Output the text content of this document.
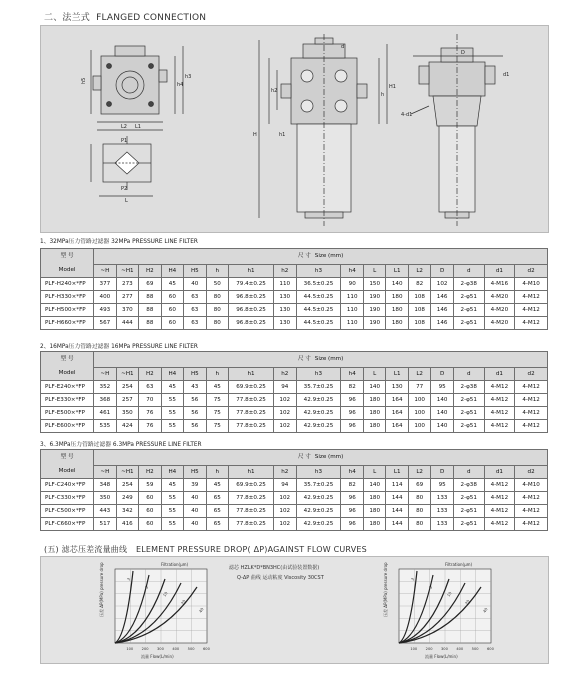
二、法兰式 FLANGED CONNECTION
h5
h4
h3
h2
h1
H
L2 L1
L
D
h
H1
d1
4-d1
d
P1
P2
1、32MPa压力管路过滤器 32MPa PRESSURE LINE FILTER
2、16MPa压力管路过滤器 16MPa PRESSURE LINE FILTER
3、6.3MPa压力管路过滤器 6.3MPa PRESSURE LINE FILTER
型 号
Model	尺 寸 Size (mm)																
	~H	~H1	H2	H4	H5	h	h1	h2	h3	h4	L	L1	L2	D	d	d1	d2
PLF-H240×*FP	377	273	69	45	40	50	79.4±0.25	110	36.5±0.25	90	150	140	82	102	2-φ38	4-M16	4-M10
PLF-H330×*FP	400	277	88	60	63	80	96.8±0.25	130	44.5±0.25	110	190	180	108	146	2-φ51	4-M20	4-M12
PLF-H500×*FP	493	370	88	60	63	80	96.8±0.25	130	44.5±0.25	110	190	180	108	146	2-φ51	4-M20	4-M12
PLF-H660×*FP	567	444	88	60	63	80	96.8±0.25	130	44.5±0.25	110	190	180	108	146	2-φ51	4-M20	4-M12
型 号
Model	尺 寸 Size (mm)																
	~H	~H1	H2	H4	H5	h	h1	h2	h3	h4	L	L1	L2	D	d	d1	d2
PLF-E240×*FP	352	254	63	45	43	45	69.9±0.25	94	35.7±0.25	82	140	130	77	95	2-φ38	4-M12	4-M12
PLF-E330×*FP	368	257	70	55	56	75	77.8±0.25	102	42.9±0.25	96	180	164	100	140	2-φ51	4-M12	4-M12
PLF-E500×*FP	461	350	76	55	56	75	77.8±0.25	102	42.9±0.25	96	180	164	100	140	2-φ51	4-M12	4-M12
PLF-E600×*FP	535	424	76	55	56	75	77.8±0.25	102	42.9±0.25	96	180	164	100	140	2-φ51	4-M12	4-M12
型 号
Model	尺 寸 Size (mm)																
	~H	~H1	H2	H4	H5	h	h1	h2	h3	h4	L	L1	L2	D	d	d1	d2
PLF-C240×*FP	348	254	59	45	39	45	69.9±0.25	94	35.7±0.25	82	140	114	69	95	2-φ38	4-M12	4-M10
PLF-C330×*FP	350	249	60	55	40	65	77.8±0.25	102	42.9±0.25	96	180	144	80	133	2-φ51	4-M12	4-M12
PLF-C500×*FP	443	342	60	55	40	65	77.8±0.25	102	42.9±0.25	96	180	144	80	133	2-φ51	4-M12	4-M12
PLF-C660×*FP	517	416	60	55	40	65	77.8±0.25	102	42.9±0.25	96	180	144	80	133	2-φ51	4-M12	4-M12
(五) 滤芯压差流量曲线 ELEMENT PRESSURE DROP( ΔP)AGAINST FLOW CURVES
压差 ΔP(MPa) pressure drop	压差 ΔP(MPa) pressure drop
流量 Flow(L/min)	流量 Flow(L/min)
Filtration(μm)	Filtration(μm)
滤芯 HZLK*D*BN3HC(由试验装置数据)
Q-ΔP 曲线 运动粘度 Viscosity 30CST
3
5
10
20
40
100 200 300 400 500 600
3
5
10
20
40
100 200 300 400 500 600
